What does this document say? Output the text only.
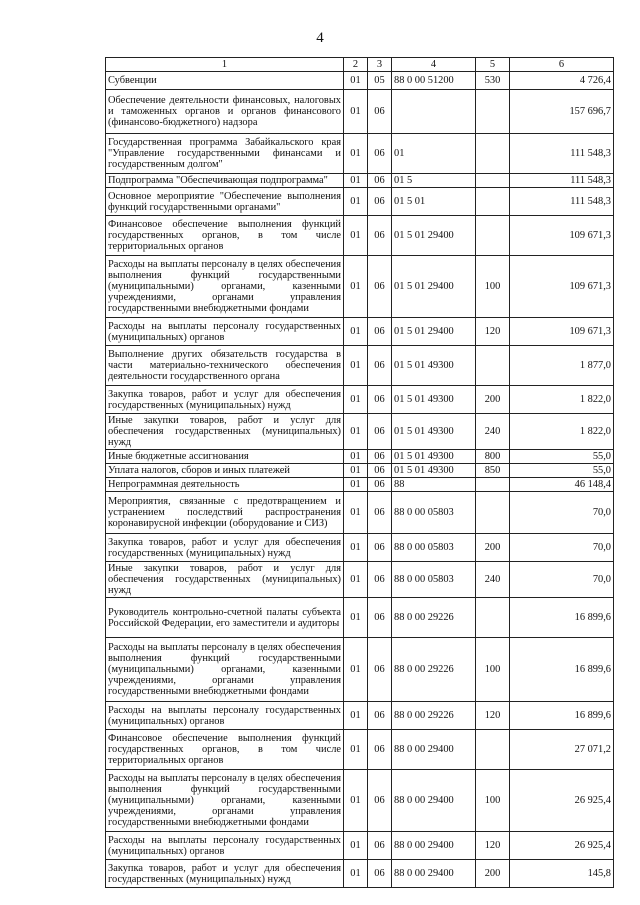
4
1	2	3	4	5	6
Субвенции	01	05	88 0 00 51200	530	4 726,4
Обеспечение деятельности финансовых, налоговых и таможенных органов и органов финансового (финансово-бюджетного) надзора	01	06			157 696,7
Государственная программа Забайкальского края "Управление государственными финансами и государственным долгом"	01	06	01		111 548,3
Подпрограмма "Обеспечивающая подпрограмма"	01	06	01 5		111 548,3
Основное мероприятие "Обеспечение выполнения функций государственными органами"	01	06	01 5 01		111 548,3
Финансовое обеспечение выполнения функций государственных органов, в том числе территориальных органов	01	06	01 5 01 29400		109 671,3
Расходы на выплаты персоналу в целях обеспечения выполнения функций государственными (муниципальными) органами, казенными учреждениями, органами управления государственными внебюджетными фондами	01	06	01 5 01 29400	100	109 671,3
Расходы на выплаты персоналу государственных (муниципальных) органов	01	06	01 5 01 29400	120	109 671,3
Выполнение других обязательств государства в части материально-технического обеспечения деятельности государственного органа	01	06	01 5 01 49300		1 877,0
Закупка товаров, работ и услуг для обеспечения государственных (муниципальных) нужд	01	06	01 5 01 49300	200	1 822,0
Иные закупки товаров, работ и услуг для обеспечения государственных (муниципальных) нужд	01	06	01 5 01 49300	240	1 822,0
Иные бюджетные ассигнования	01	06	01 5 01 49300	800	55,0
Уплата налогов, сборов и иных платежей	01	06	01 5 01 49300	850	55,0
Непрограммная деятельность	01	06	88		46 148,4
Мероприятия, связанные с предотвращением и устранением последствий распространения коронавирусной инфекции (оборудование и СИЗ)	01	06	88 0 00 05803		70,0
Закупка товаров, работ и услуг для обеспечения государственных (муниципальных) нужд	01	06	88 0 00 05803	200	70,0
Иные закупки товаров, работ и услуг для обеспечения государственных (муниципальных) нужд	01	06	88 0 00 05803	240	70,0
Руководитель контрольно-счетной палаты субъекта Российской Федерации, его заместители и аудиторы	01	06	88 0 00 29226		16 899,6
Расходы на выплаты персоналу в целях обеспечения выполнения функций государственными (муниципальными) органами, казенными учреждениями, органами управления государственными внебюджетными фондами	01	06	88 0 00 29226	100	16 899,6
Расходы на выплаты персоналу государственных (муниципальных) органов	01	06	88 0 00 29226	120	16 899,6
Финансовое обеспечение выполнения функций государственных органов, в том числе территориальных органов	01	06	88 0 00 29400		27 071,2
Расходы на выплаты персоналу в целях обеспечения выполнения функций государственными (муниципальными) органами, казенными учреждениями, органами управления государственными внебюджетными фондами	01	06	88 0 00 29400	100	26 925,4
Расходы на выплаты персоналу государственных (муниципальных) органов	01	06	88 0 00 29400	120	26 925,4
Закупка товаров, работ и услуг для обеспечения государственных (муниципальных) нужд	01	06	88 0 00 29400	200	145,8
